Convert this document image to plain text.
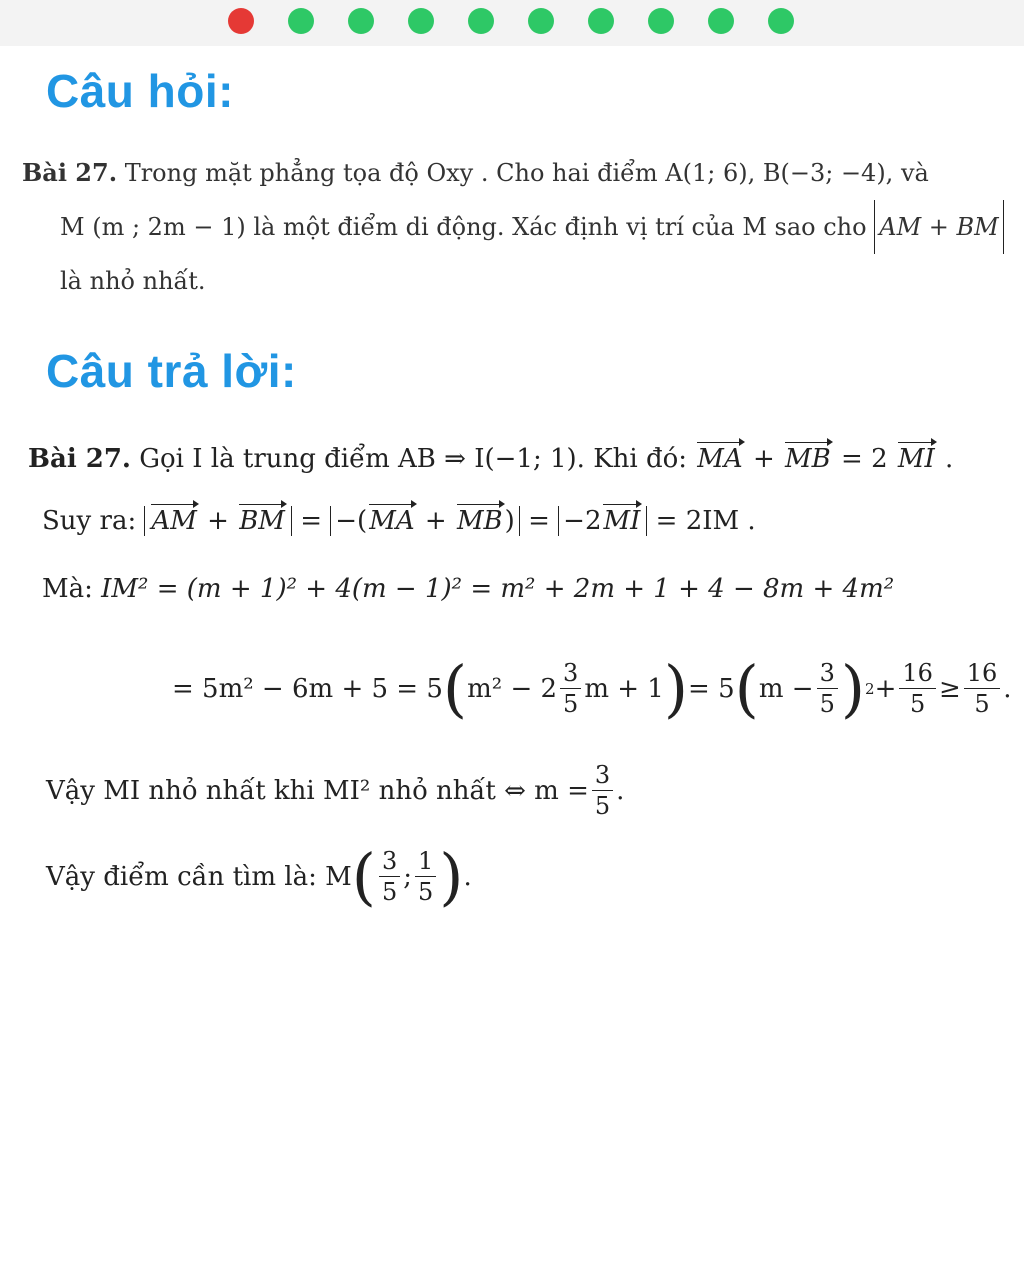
Câu hỏi:
Bài 27. Trong mặt phẳng tọa độ Oxy . Cho hai điểm A(1; 6), B(−3; −4), và
M (m ; 2m − 1) là một điểm di động. Xác định vị trí của M sao cho AM + BM
là nhỏ nhất.
Câu trả lời:
Bài 27. Gọi I là trung điểm AB ⇒ I(−1; 1). Khi đó: MA + MB = 2 MI .
Suy ra: AM + BM = −(MA + MB) = −2MI = 2IM .
Mà: IM² = (m + 1)² + 4(m − 1)² = m² + 2m + 1 + 4 − 8m + 4m²
= 5m² − 6m + 5 = 5 ( $m^2 - 2 \frac{3}{5}$ m + 1 ) = 5 ( $m - \frac{3}{5}$ ) $2 + \frac{16}{5} \ge \frac{16}{5}$ .
Vậy MI nhỏ nhất khi MI² nhỏ nhất ⇔ $m = \frac{3}{5}$ .
Vậy điểm cần tìm là: M ( $\frac{3}{5}$ ; $\frac{1}{5}$ ) .
